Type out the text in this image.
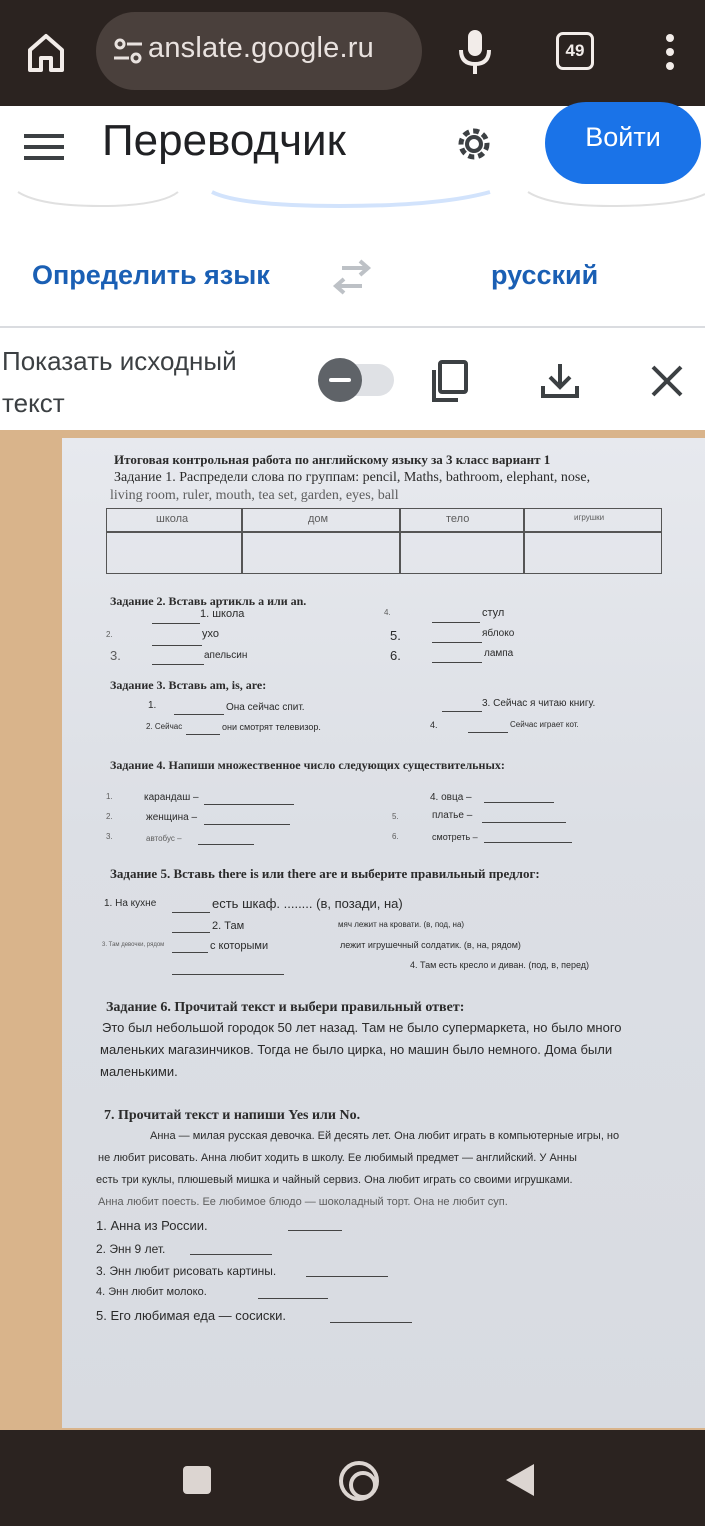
anslate.google.ru	49
Переводчик	Войти
Определить язык	русский
Показать исходный текст
Итоговая контрольная работа по английскому языку за 3 класс вариант 1
Задание 1. Распредели слова по группам: pencil, Maths, bathroom, elephant, nose,
living room, ruler, mouth, tea set, garden, eyes, ball
школа	дом	тело	игрушки
Задание 2. Вставь артикль a или an.
1. школа	4.	стул
2.	ухо	5.	яблоко
3.	апельсин	6.	лампа
Задание 3. Вставь am, is, are:
1.	Она сейчас спит.	3. Сейчас я читаю книгу.
2. Сейчас	они смотрят телевизор.	4.	Сейчас играет кот.
Задание 4. Напиши множественное число следующих существительных:
1.	карандаш –	4. овца –
2.	женщина –	5.	платье –
3.	автобус –	6.	смотреть –
Задание 5. Вставь there is или there are и выберите правильный предлог:
1. На кухне	есть шкаф. ........ (в, позади, на)
2. Там	мяч лежит на кровати. (в, под, на)
3. Там девочки, рядом	с которыми	лежит игрушечный солдатик. (в, на, рядом)
4. Там есть кресло и диван. (под, в, перед)
Задание 6. Прочитай текст и выбери правильный ответ:
Это был небольшой городок 50 лет назад. Там не было супермаркета, но было много
маленьких магазинчиков. Тогда не было цирка, но машин было немного. Дома были
маленькими.
7. Прочитай текст и напиши Yes или No.
Анна — милая русская девочка. Ей десять лет. Она любит играть в компьютерные игры, но
не любит рисовать. Анна любит ходить в школу. Ее любимый предмет — английский. У Анны
есть три куклы, плюшевый мишка и чайный сервиз. Она любит играть со своими игрушками.
Анна любит поесть. Ее любимое блюдо — шоколадный торт. Она не любит суп.
1. Анна из России.
2. Энн 9 лет.
3. Энн любит рисовать картины.
4. Энн любит молоко.
5. Его любимая еда — сосиски.
